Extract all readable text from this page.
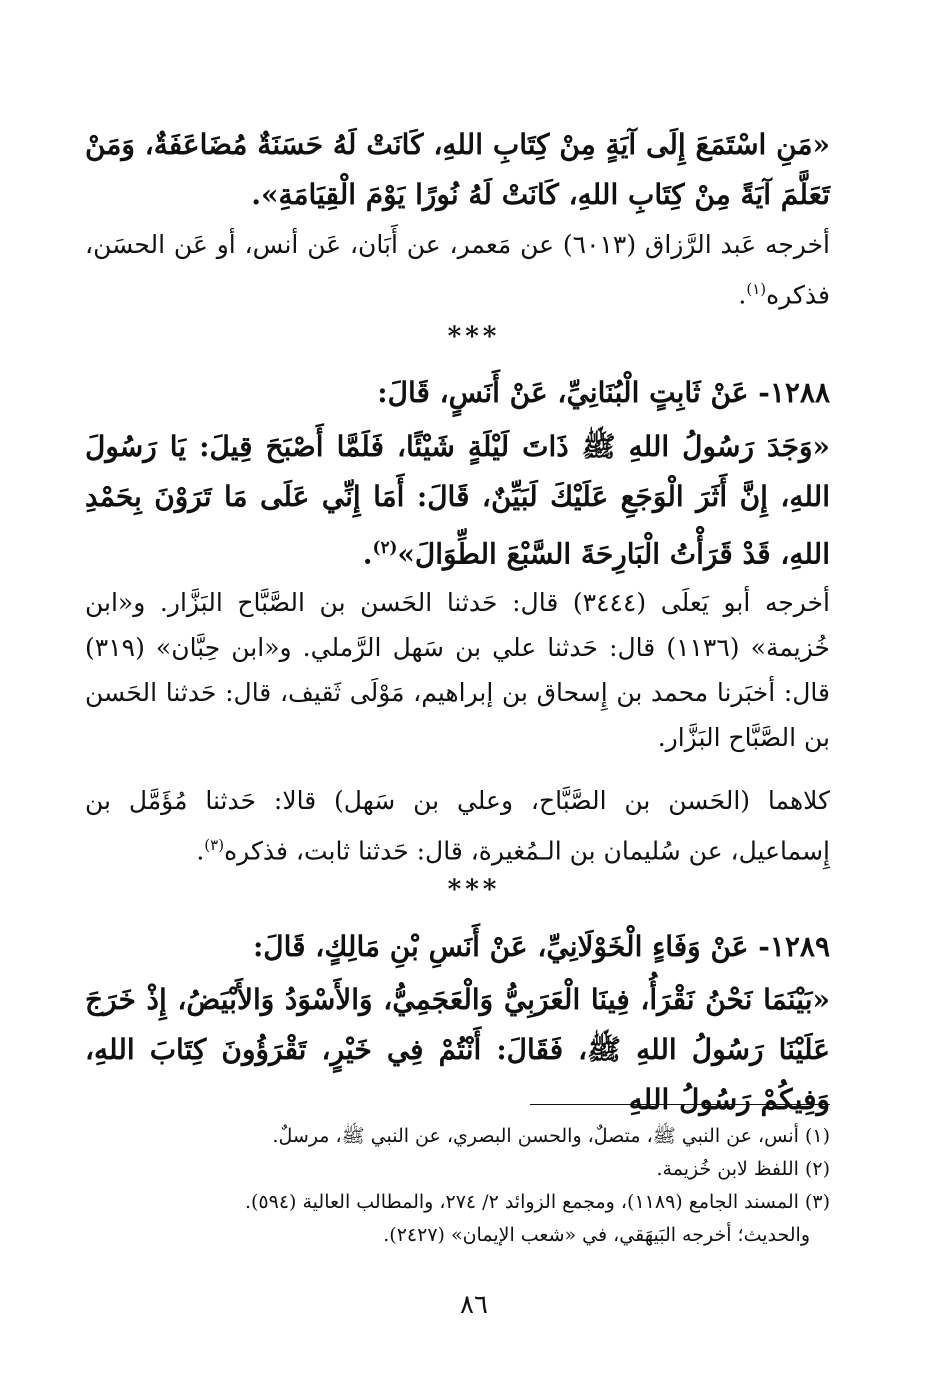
«مَنِ اسْتَمَعَ إِلَى آيَةٍ مِنْ كِتَابِ اللهِ، كَانَتْ لَهُ حَسَنَةٌ مُضَاعَفَةٌ، وَمَنْ تَعَلَّمَ آيَةً مِنْ كِتَابِ اللهِ، كَانَتْ لَهُ نُورًا يَوْمَ الْقِيَامَةِ».

أخرجه عَبد الرَّزاق (٦٠١٣) عن مَعمر، عن أَبَان، عَن أنس، أو عَن الحسَن، فذكره$^{(١)}$.

***

١٢٨٨- عَنْ ثَابِتٍ الْبُنَانِيِّ، عَنْ أَنَسٍ، قَالَ:

«وَجَدَ رَسُولُ اللهِ ﷺ ذَاتَ لَيْلَةٍ شَيْئًا، فَلَمَّا أَصْبَحَ قِيلَ: يَا رَسُولَ اللهِ، إِنَّ أَثَرَ الْوَجَعِ عَلَيْكَ لَبَيِّنٌ، قَالَ: أَمَا إِنِّي عَلَى مَا تَرَوْنَ بِحَمْدِ اللهِ، قَدْ قَرَأْتُ الْبَارِحَةَ السَّبْعَ الطِّوَالَ»$^{(٢)}$.

أخرجه أبو يَعلَى (٣٤٤٤) قال: حَدثنا الحَسن بن الصَّبَّاح البَزَّار. و«ابن خُزيمة» (١١٣٦) قال: حَدثنا علي بن سَهل الرَّملي. و«ابن حِبَّان» (٣١٩) قال: أخبَرنا محمد بن إِسحاق بن إبراهيم، مَوْلَى ثَقيف، قال: حَدثنا الحَسن بن الصَّبَّاح البَزَّار.

كلاهما (الحَسن بن الصَّبَّاح، وعلي بن سَهل) قالا: حَدثنا مُؤَمَّل بن إِسماعيل، عن سُليمان بن الـمُغيرة، قال: حَدثنا ثابت، فذكره$^{(٣)}$.

***

١٢٨٩- عَنْ وَفَاءٍ الْخَوْلَانِيِّ، عَنْ أَنَسِ بْنِ مَالِكٍ، قَالَ:

«بَيْنَمَا نَحْنُ نَقْرَأُ، فِينَا الْعَرَبِيُّ وَالْعَجَمِيُّ، وَالأَسْوَدُ وَالأَبْيَضُ، إِذْ خَرَجَ عَلَيْنَا رَسُولُ اللهِ ﷺ، فَقَالَ: أَنْتُمْ فِي خَيْرٍ، تَقْرَؤُونَ كِتَابَ اللهِ، وَفِيكُمْ رَسُولُ اللهِ

(١) أنس، عن النبي ﷺ، متصلٌ، والحسن البصري، عن النبي ﷺ، مرسلٌ.
(٢) اللفظ لابن خُزيمة.
(٣) المسند الجامع (١١٨٩)، ومجمع الزوائد ٢/ ٢٧٤، والمطالب العالية (٥٩٤).
والحديث؛ أخرجه البَيهَقي، في «شعب الإيمان» (٢٤٢٧).
٨٦
